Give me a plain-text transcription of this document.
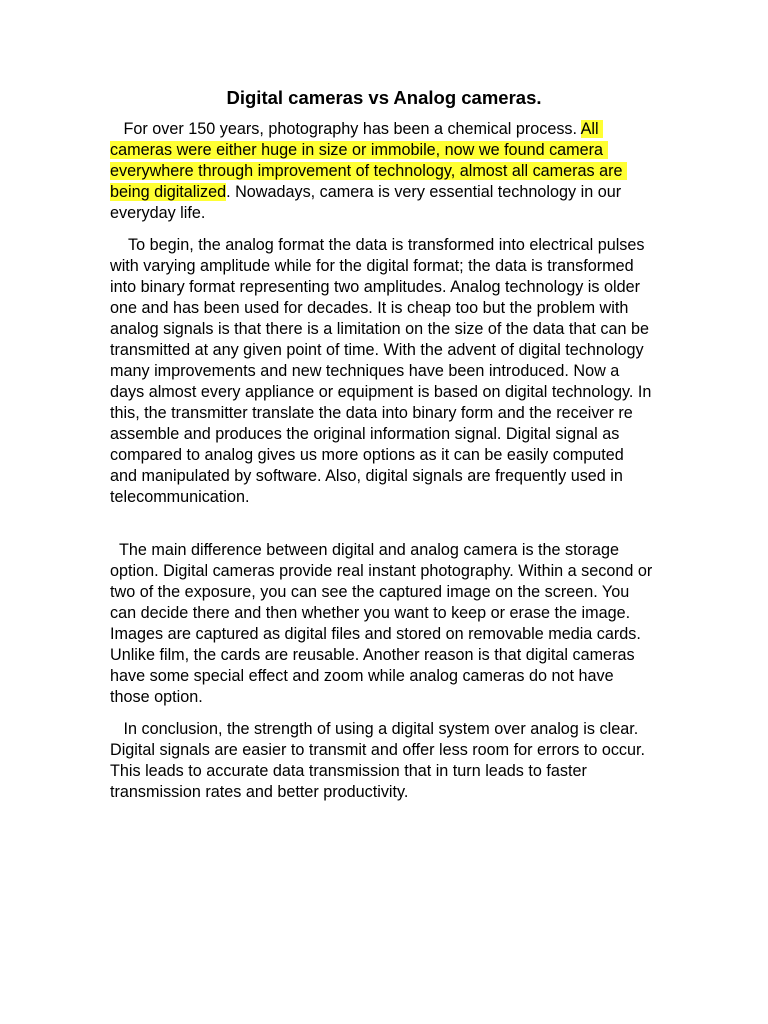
Digital cameras vs Analog cameras.

For over 150 years, photography has been a chemical process. All cameras were either huge in size or immobile, now we found camera everywhere through improvement of technology, almost all cameras are being digitalized. Nowadays, camera is very essential technology in our everyday life.

To begin, the analog format the data is transformed into electrical pulses with varying amplitude while for the digital format; the data is transformed into binary format representing two amplitudes. Analog technology is older one and has been used for decades. It is cheap too but the problem with analog signals is that there is a limitation on the size of the data that can be transmitted at any given point of time. With the advent of digital technology many improvements and new techniques have been introduced. Now a days almost every appliance or equipment is based on digital technology. In this, the transmitter translate the data into binary form and the receiver re assemble and produces the original information signal. Digital signal as compared to analog gives us more options as it can be easily computed and manipulated by software. Also, digital signals are frequently used in telecommunication.

The main difference between digital and analog camera is the storage option. Digital cameras provide real instant photography. Within a second or two of the exposure, you can see the captured image on the screen. You can decide there and then whether you want to keep or erase the image. Images are captured as digital files and stored on removable media cards. Unlike film, the cards are reusable. Another reason is that digital cameras have some special effect and zoom while analog cameras do not have those option.

In conclusion, the strength of using a digital system over analog is clear. Digital signals are easier to transmit and offer less room for errors to occur. This leads to accurate data transmission that in turn leads to faster transmission rates and better productivity.
